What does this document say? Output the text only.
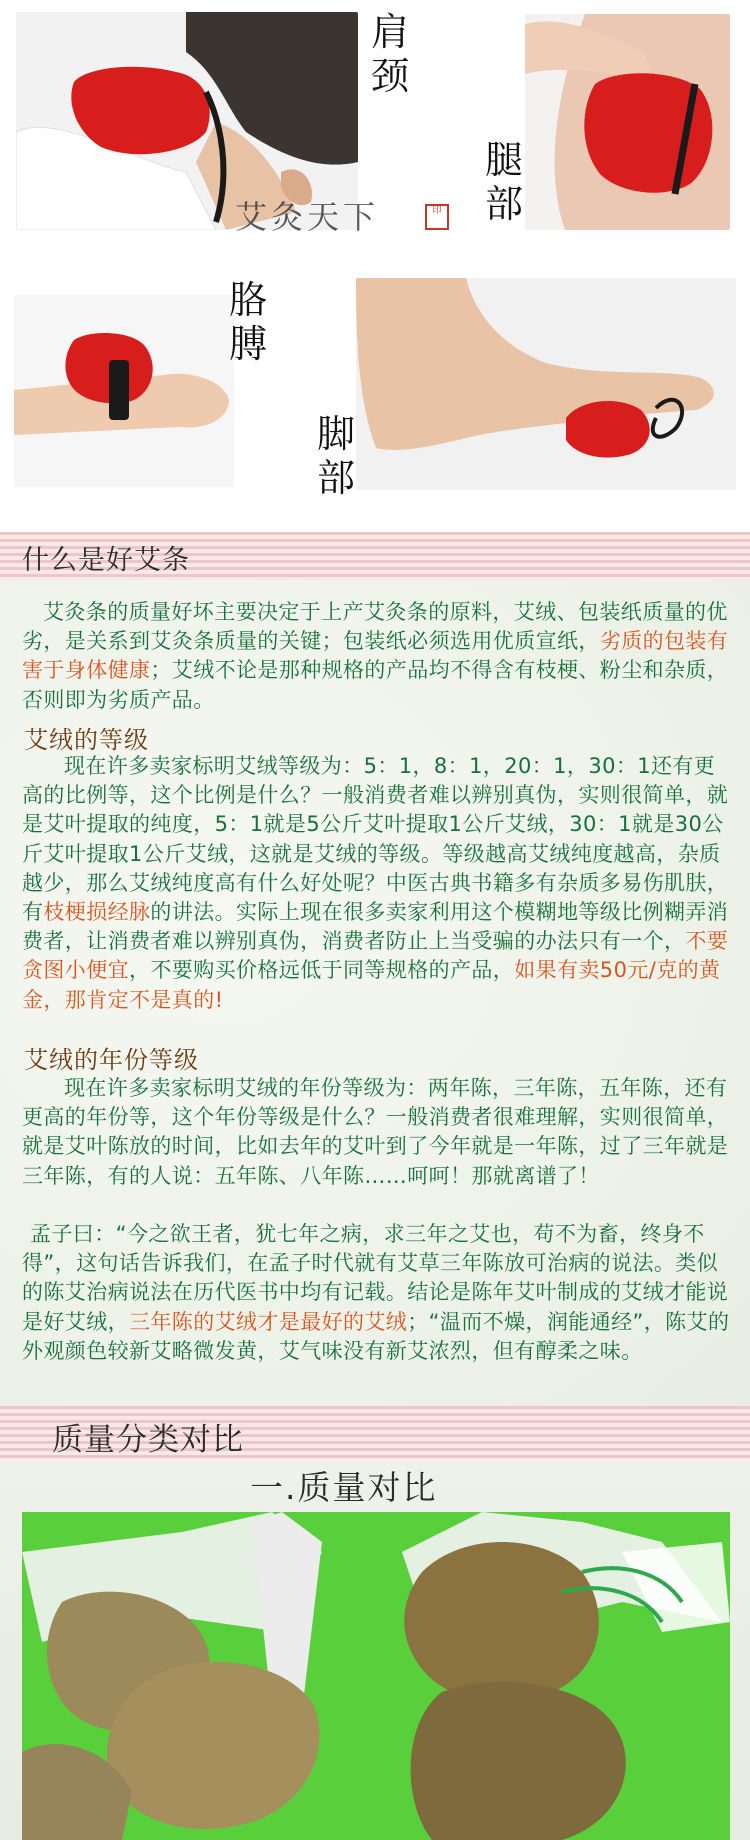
肩颈
腿部
胳膊
脚部
艾灸天下	印
什么是好艾条
艾灸条的质量好坏主要决定于上产艾灸条的原料，艾绒、包装纸质量的优劣，是关系到艾灸条质量的关键；包装纸必须选用优质宣纸，劣质的包装有害于身体健康；艾绒不论是那种规格的产品均不得含有枝梗、粉尘和杂质，否则即为劣质产品。
艾绒的等级
现在许多卖家标明艾绒等级为：5：1，8：1，20：1，30：1还有更高的比例等，这个比例是什么？一般消费者难以辨别真伪，实则很简单，就是艾叶提取的纯度，5：1就是5公斤艾叶提取1公斤艾绒，30：1就是30公斤艾叶提取1公斤艾绒，这就是艾绒的等级。等级越高艾绒纯度越高，杂质越少，那么艾绒纯度高有什么好处呢？中医古典书籍多有杂质多易伤肌肤，有枝梗损经脉的讲法。实际上现在很多卖家利用这个模糊地等级比例糊弄消费者，让消费者难以辨别真伪，消费者防止上当受骗的办法只有一个，不要贪图小便宜，不要购买价格远低于同等规格的产品，如果有卖50元/克的黄金，那肯定不是真的!
艾绒的年份等级
现在许多卖家标明艾绒的年份等级为：两年陈，三年陈，五年陈，还有更高的年份等，这个年份等级是什么？一般消费者很难理解，实则很简单，就是艾叶陈放的时间，比如去年的艾叶到了今年就是一年陈，过了三年就是三年陈，有的人说：五年陈、八年陈……呵呵！那就离谱了！
孟子曰：“今之欲王者，犹七年之病，求三年之艾也，苟不为畜，终身不得”，这句话告诉我们，在孟子时代就有艾草三年陈放可治病的说法。类似的陈艾治病说法在历代医书中均有记载。结论是陈年艾叶制成的艾绒才能说是好艾绒，三年陈的艾绒才是最好的艾绒；“温而不燥，润能通经”，陈艾的外观颜色较新艾略微发黄，艾气味没有新艾浓烈，但有醇柔之味。
质量分类对比
一.质量对比
